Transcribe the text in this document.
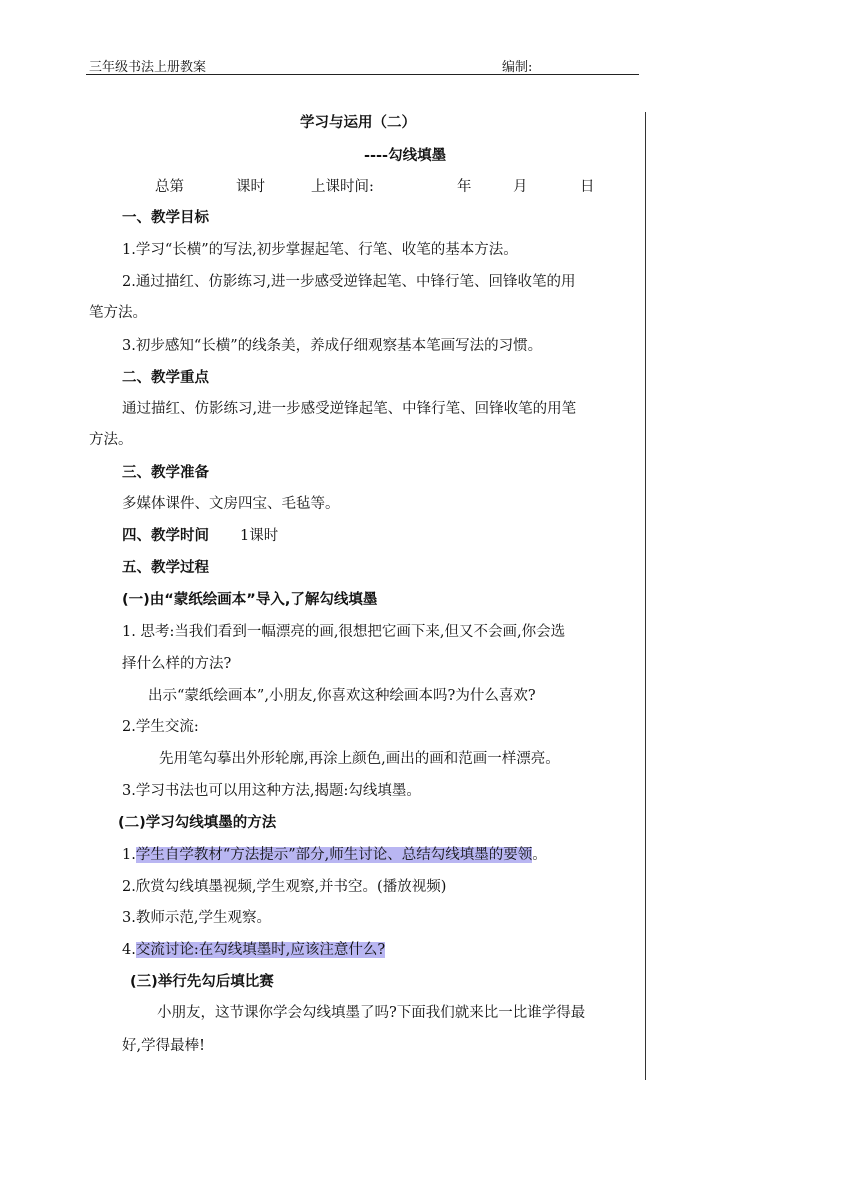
三年级书法上册教案	编制:
学习与运用（二）
----勾线填墨
总第	课时	上课时间:	年	月	日
一、教学目标
1.学习“长横”的写法,初步掌握起笔、行笔、收笔的基本方法。
2.通过描红、仿影练习,进一步感受逆锋起笔、中锋行笔、回锋收笔的用
笔方法。
3.初步感知“长横”的线条美，养成仔细观察基本笔画写法的习惯。
二、教学重点
通过描红、仿影练习,进一步感受逆锋起笔、中锋行笔、回锋收笔的用笔
方法。
三、教学准备
多媒体课件、文房四宝、毛毡等。
四、教学时间 1课时
五、教学过程
(一)由“蒙纸绘画本”导入,了解勾线填墨
1. 思考:当我们看到一幅漂亮的画,很想把它画下来,但又不会画,你会选
择什么样的方法?
出示“蒙纸绘画本”,小朋友,你喜欢这种绘画本吗?为什么喜欢?
2.学生交流:
先用笔勾摹出外形轮廓,再涂上颜色,画出的画和范画一样漂亮。
3.学习书法也可以用这种方法,揭题:勾线填墨。
(二)学习勾线填墨的方法
1.学生自学教材“方法提示”部分,师生讨论、总结勾线填墨的要领。
2.欣赏勾线填墨视频,学生观察,并书空。(播放视频)
3.教师示范,学生观察。
4.交流讨论:在勾线填墨时,应该注意什么?
(三)举行先勾后填比赛
小朋友，这节课你学会勾线填墨了吗?下面我们就来比一比谁学得最
好,学得最棒!
